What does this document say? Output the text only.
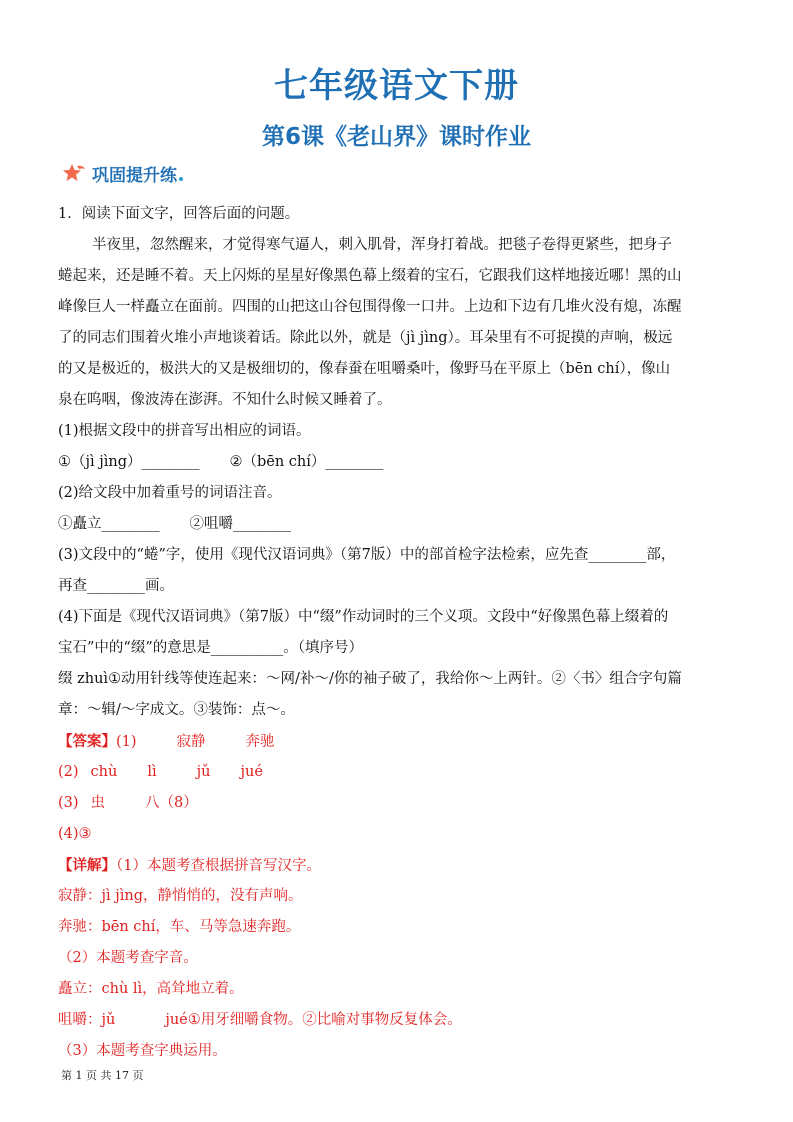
七年级语文下册
第6课《老山界》课时作业
巩固提升练
1．阅读下面文字，回答后面的问题。
半夜里，忽然醒来，才觉得寒气逼人，刺入肌骨，浑身打着战。把毯子卷得更紧些，把身子
蜷起来，还是睡不着。天上闪烁的星星好像黑色幕上缀着的宝石，它跟我们这样地接近哪！黑的山
峰像巨人一样矗立在面前。四围的山把这山谷包围得像一口井。上边和下边有几堆火没有熄，冻醒
了的同志们围着火堆小声地谈着话。除此以外，就是（jì jìng）。耳朵里有不可捉摸的声响，极远
的又是极近的，极洪大的又是极细切的，像春蚕在咀嚼桑叶，像野马在平原上（bēn chí），像山
泉在呜咽，像波涛在澎湃。不知什么时候又睡着了。
(1)根据文段中的拼音写出相应的词语。
①（jì jìng）________ ②（bēn chí）________
(2)给文段中加着重号的词语注音。
①矗立________ ②咀嚼________
(3)文段中的“蜷”字，使用《现代汉语词典》（第7版）中的部首检字法检索，应先查________部，
再查________画。
(4)下面是《现代汉语词典》（第7版）中“缀”作动词时的三个义项。文段中“好像黑色幕上缀着的
宝石”中的“缀”的意思是__________。（填序号）
缀 zhuì①动用针线等使连起来：～网/补～/你的袖子破了，我给你～上两针。②〈书〉组合字句篇
章：～辑/～字成文。③装饰：点～。
【答案】(1)	寂静	奔驰
(2) chù lì	jǔ jué
(3) 虫	八（8）
(4)③
【详解】（1）本题考查根据拼音写汉字。
寂静：jì jìng，静悄悄的，没有声响。
奔驰：bēn chí，车、马等急速奔跑。
（2）本题考查字音。
矗立：chù lì，高耸地立着。
咀嚼：jǔ	jué①用牙细嚼食物。②比喻对事物反复体会。
（3）本题考查字典运用。
第 1 页 共 17 页
